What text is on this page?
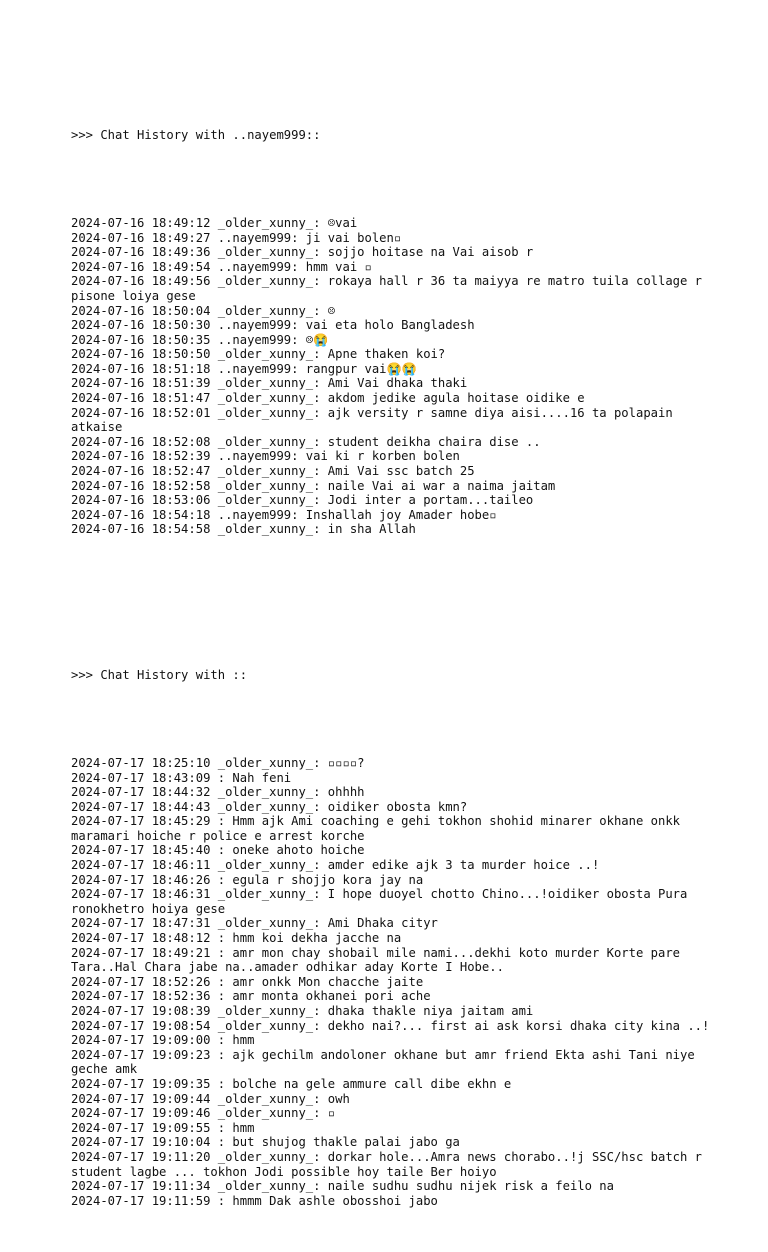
>>> Chat History with ..nayem999::

2024-07-16 18:49:12 _older_xunny_: ☹vai
2024-07-16 18:49:27 ..nayem999: ji vai bolen▫
2024-07-16 18:49:36 _older_xunny_: sojjo hoitase na Vai aisob r
2024-07-16 18:49:54 ..nayem999: hmm vai ▫
2024-07-16 18:49:56 _older_xunny_: rokaya hall r 36 ta maiyya re matro tuila collage r pisone loiya gese
2024-07-16 18:50:04 _older_xunny_: ☹
2024-07-16 18:50:30 ..nayem999: vai eta holo Bangladesh
2024-07-16 18:50:35 ..nayem999: ☹😭
2024-07-16 18:50:50 _older_xunny_: Apne thaken koi?
2024-07-16 18:51:18 ..nayem999: rangpur vai😭😭
2024-07-16 18:51:39 _older_xunny_: Ami Vai dhaka thaki
2024-07-16 18:51:47 _older_xunny_: akdom jedike agula hoitase oidike e
2024-07-16 18:52:01 _older_xunny_: ajk versity r samne diya aisi....16 ta polapain atkaise
2024-07-16 18:52:08 _older_xunny_: student deikha chaira dise ..
2024-07-16 18:52:39 ..nayem999: vai ki r korben bolen
2024-07-16 18:52:47 _older_xunny_: Ami Vai ssc batch 25
2024-07-16 18:52:58 _older_xunny_: naile Vai ai war a naima jaitam
2024-07-16 18:53:06 _older_xunny_: Jodi inter a portam...taileo
2024-07-16 18:54:18 ..nayem999: Inshallah joy Amader hobe▫
2024-07-16 18:54:58 _older_xunny_: in sha Allah

>>> Chat History with ::

2024-07-17 18:25:10 _older_xunny_: ▫▫▫▫?
2024-07-17 18:43:09 : Nah feni
2024-07-17 18:44:32 _older_xunny_: ohhhh
2024-07-17 18:44:43 _older_xunny_: oidiker obosta kmn?
2024-07-17 18:45:29 : Hmm ajk Ami coaching e gehi tokhon shohid minarer okhane onkk maramari hoiche r police e arrest korche
2024-07-17 18:45:40 : oneke ahoto hoiche
2024-07-17 18:46:11 _older_xunny_: amder edike ajk 3 ta murder hoice ..!
2024-07-17 18:46:26 : egula r shojjo kora jay na
2024-07-17 18:46:31 _older_xunny_: I hope duoyel chotto Chino...!oidiker obosta Pura ronokhetro hoiya gese
2024-07-17 18:47:31 _older_xunny_: Ami Dhaka cityr
2024-07-17 18:48:12 : hmm koi dekha jacche na
2024-07-17 18:49:21 : amr mon chay shobail mile nami...dekhi koto murder Korte pare Tara..Hal Chara jabe na..amader odhikar aday Korte I Hobe..
2024-07-17 18:52:26 : amr onkk Mon chacche jaite
2024-07-17 18:52:36 : amr monta okhanei pori ache
2024-07-17 19:08:39 _older_xunny_: dhaka thakle niya jaitam ami
2024-07-17 19:08:54 _older_xunny_: dekho nai?... first ai ask korsi dhaka city kina ..!
2024-07-17 19:09:00 : hmm
2024-07-17 19:09:23 : ajk gechilm andoloner okhane but amr friend Ekta ashi Tani niye geche amk
2024-07-17 19:09:35 : bolche na gele ammure call dibe ekhn e
2024-07-17 19:09:44 _older_xunny_: owh
2024-07-17 19:09:46 _older_xunny_: ▫
2024-07-17 19:09:55 : hmm
2024-07-17 19:10:04 : but shujog thakle palai jabo ga
2024-07-17 19:11:20 _older_xunny_: dorkar hole...Amra news chorabo..!j SSC/hsc batch r student lagbe ... tokhon Jodi possible hoy taile Ber hoiyo
2024-07-17 19:11:34 _older_xunny_: naile sudhu sudhu nijek risk a feilo na
2024-07-17 19:11:59 : hmmm Dak ashle obosshoi jabo
